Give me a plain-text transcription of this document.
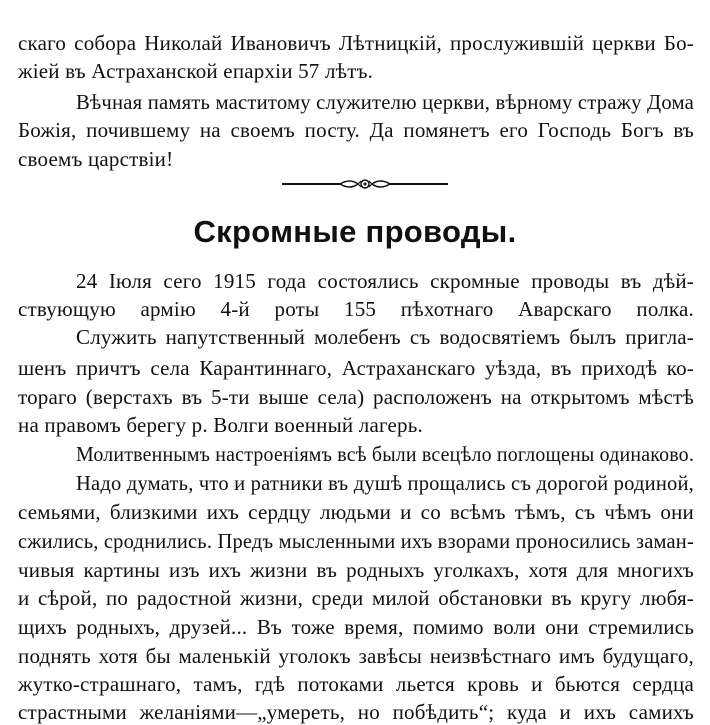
скаго собора Николай Ивановичъ Лѣтницкій, прослужившій церкви Бо-
жіей въ Астраханской епархіи 57 лѣтъ.
Вѣчная память маститому служителю церкви, вѣрному стражу Дома
Божія, почившему на своемъ посту. Да помянетъ его Господь Богъ въ
своемъ царствіи!
Скромные проводы.
24 Іюля сего 1915 года состоялись скромные проводы въ дѣй-
ствующую армію 4-й роты 155 пѣхотнаго Аварскаго полка.
Служить напутственный молебенъ съ водосвятіемъ былъ пригла-
шенъ причтъ села Карантиннаго, Астраханскаго уѣзда, въ приходѣ ко-
тораго (верстахъ въ 5-ти выше села) расположенъ на открытомъ мѣстѣ
на правомъ берегу р. Волги военный лагерь.
Молитвеннымъ настроеніямъ всѣ были всецѣло поглощены одинаково.
Надо думать, что и ратники въ душѣ прощались съ дорогой родиной,
семьями, близкими ихъ сердцу людьми и со всѣмъ тѣмъ, съ чѣмъ они
сжились, сроднились. Предъ мысленными ихъ взорами проносились заман-
чивыя картины изъ ихъ жизни въ родныхъ уголкахъ, хотя для многихъ
и сѣрой, по радостной жизни, среди милой обстановки въ кругу любя-
щихъ родныхъ, друзей... Въ тоже время, помимо воли они стремились
поднять хотя бы маленькій уголокъ завѣсы неизвѣстнаго имъ будущаго,
жутко-страшнаго, тамъ, гдѣ потоками льется кровь и бьются сердца
страстными желаніями—„умереть, но побѣдить“; куда и ихъ самихъ
